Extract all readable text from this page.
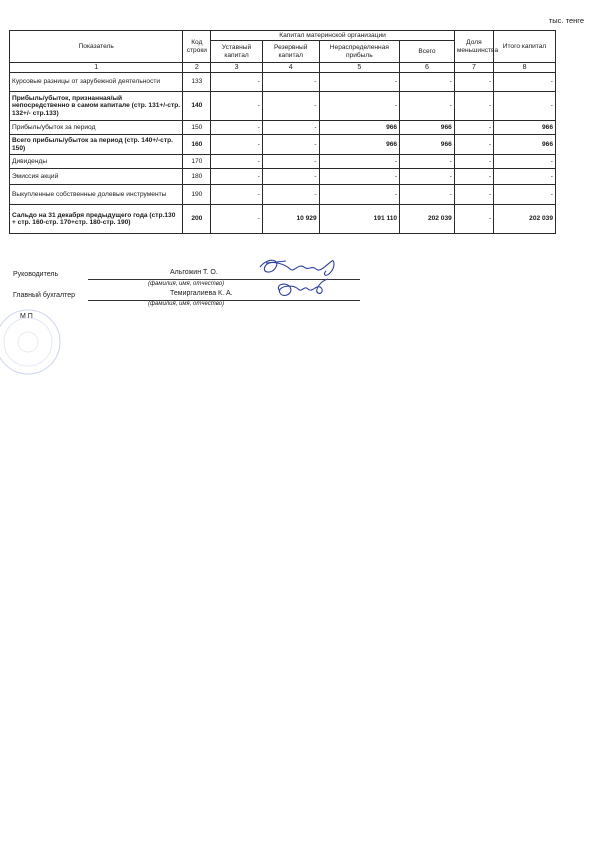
тыс. тенге
Показатель	Код строки	Капитал материнской организации				Доля меньшинства	Итого капитал
		Уставный капитал	Резервный капитал	Нераспределенная прибыль	Всего		
1	2	3	4	5	6	7	8
Курсовые разницы от зарубежной деятельности	133	-	-	-	-	-	-
Прибыль/убыток, признанная/ый непосредственно в самом капитале (стр. 131+/-стр. 132+/- стр.133)	140	-	-	-	-	-	-
Прибыль/убыток за период	150	-	-	966	966	-	966
Всего прибыль/убыток за период (стр. 140+/-стр. 150)	160	-	-	966	966	-	966
Дивиденды	170	-	-	-	-	-	-
Эмиссия акций	180	-	-	-	-	-	-
Выкупленные собственные долевые инструменты	190	-	-	-	-	-	-
Сальдо на 31 декабря предыдущего года (стр.130 + стр. 160-стр. 170+стр. 180-стр. 190)	200	-	10 929	191 110	202 039	-	202 039
Руководитель	Альгожин Т. О.
(фамилия, имя, отчество)
Главный бухгалтер	Темиргалиева К. А.
(фамилия, имя, отчество)
М П
